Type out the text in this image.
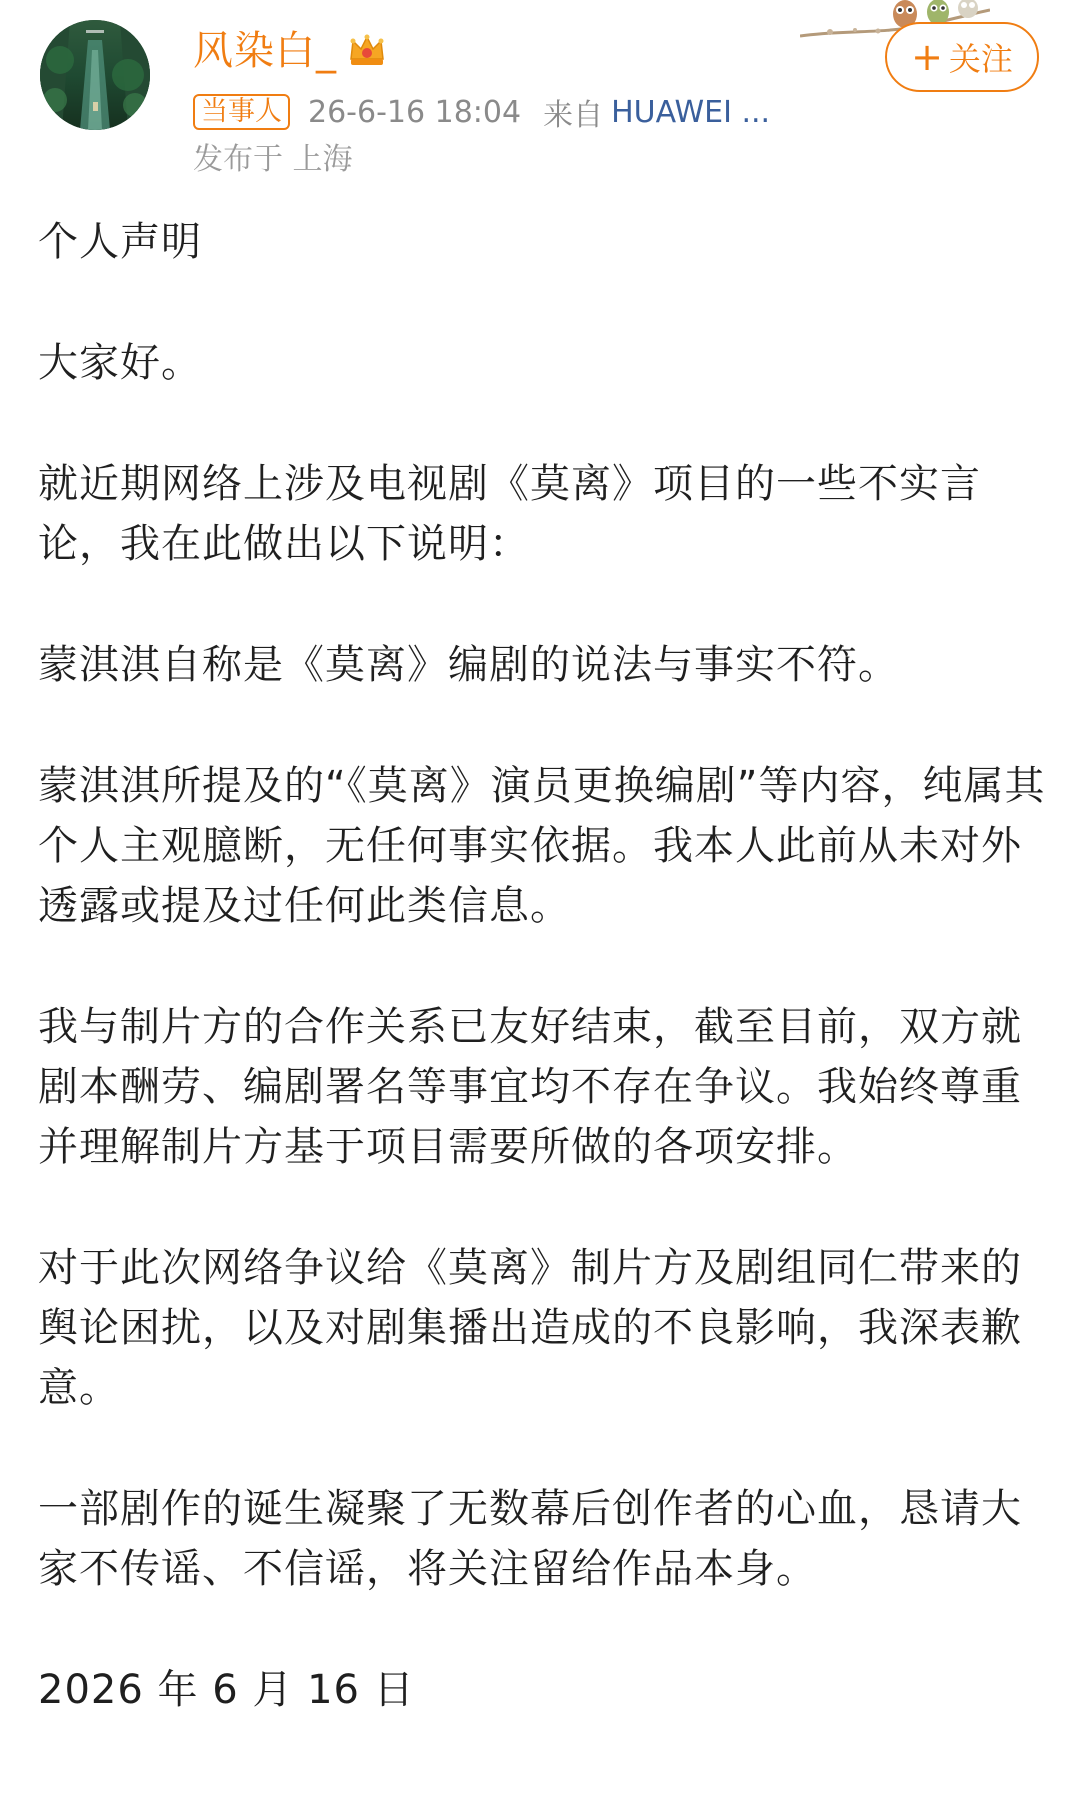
风染白_
当事人 26-6-16 18:04 来自 HUAWEI ...
发布于 上海
+ 关注

个人声明

大家好。

就近期网络上涉及电视剧《莫离》项目的一些不实言论，我在此做出以下说明：

蒙淇淇自称是《莫离》编剧的说法与事实不符。

蒙淇淇所提及的“《莫离》演员更换编剧”等内容，纯属其个人主观臆断，无任何事实依据。我本人此前从未对外透露或提及过任何此类信息。

我与制片方的合作关系已友好结束，截至目前，双方就剧本酬劳、编剧署名等事宜均不存在争议。我始终尊重并理解制片方基于项目需要所做的各项安排。

对于此次网络争议给《莫离》制片方及剧组同仁带来的舆论困扰，以及对剧集播出造成的不良影响，我深表歉意。

一部剧作的诞生凝聚了无数幕后创作者的心血，恳请大家不传谣、不信谣，将关注留给作品本身。

2026 年 6 月 16 日
